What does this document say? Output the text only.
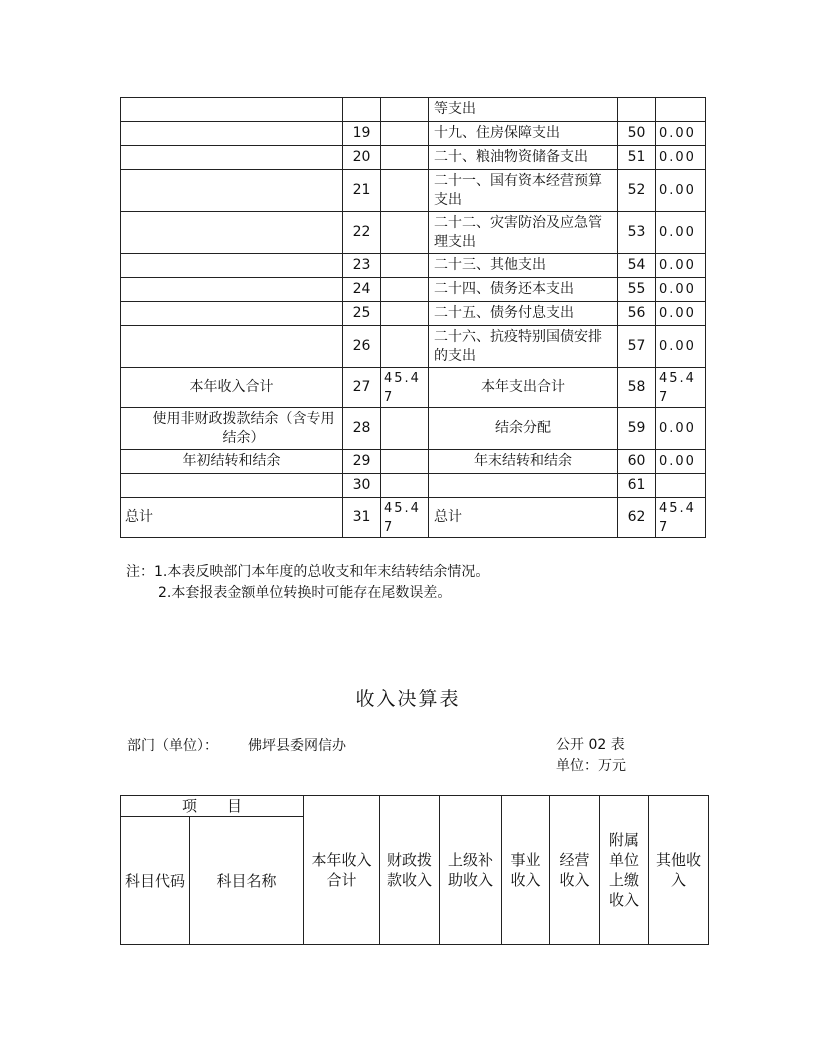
			等支出		
	19		十九、住房保障支出	50	0.00
	20		二十、粮油物资储备支出	51	0.00
	21		二十一、国有资本经营预算支出	52	0.00
	22		二十二、灾害防治及应急管理支出	53	0.00
	23		二十三、其他支出	54	0.00
	24		二十四、债务还本支出	55	0.00
	25		二十五、债务付息支出	56	0.00
	26		二十六、抗疫特别国债安排的支出	57	0.00
本年收入合计	27	45.47	本年支出合计	58	45.47
使用非财政拨款结余（含专用结余）	28		结余分配	59	0.00
年初结转和结余	29		年末结转和结余	60	0.00
	30			61	
总计	31	45.47	总计	62	45.47
注：1.本表反映部门本年度的总收支和年末结转结余情况。
2.本套报表金额单位转换时可能存在尾数误差。
收入决算表
部门（单位）： 佛坪县委网信办	公开 02 表
单位：万元
项　　目		本年收入合计	财政拨款收入	上级补助收入	事业收入	经营收入	附属单位上缴收入	其他收入
科目代码	科目名称							
